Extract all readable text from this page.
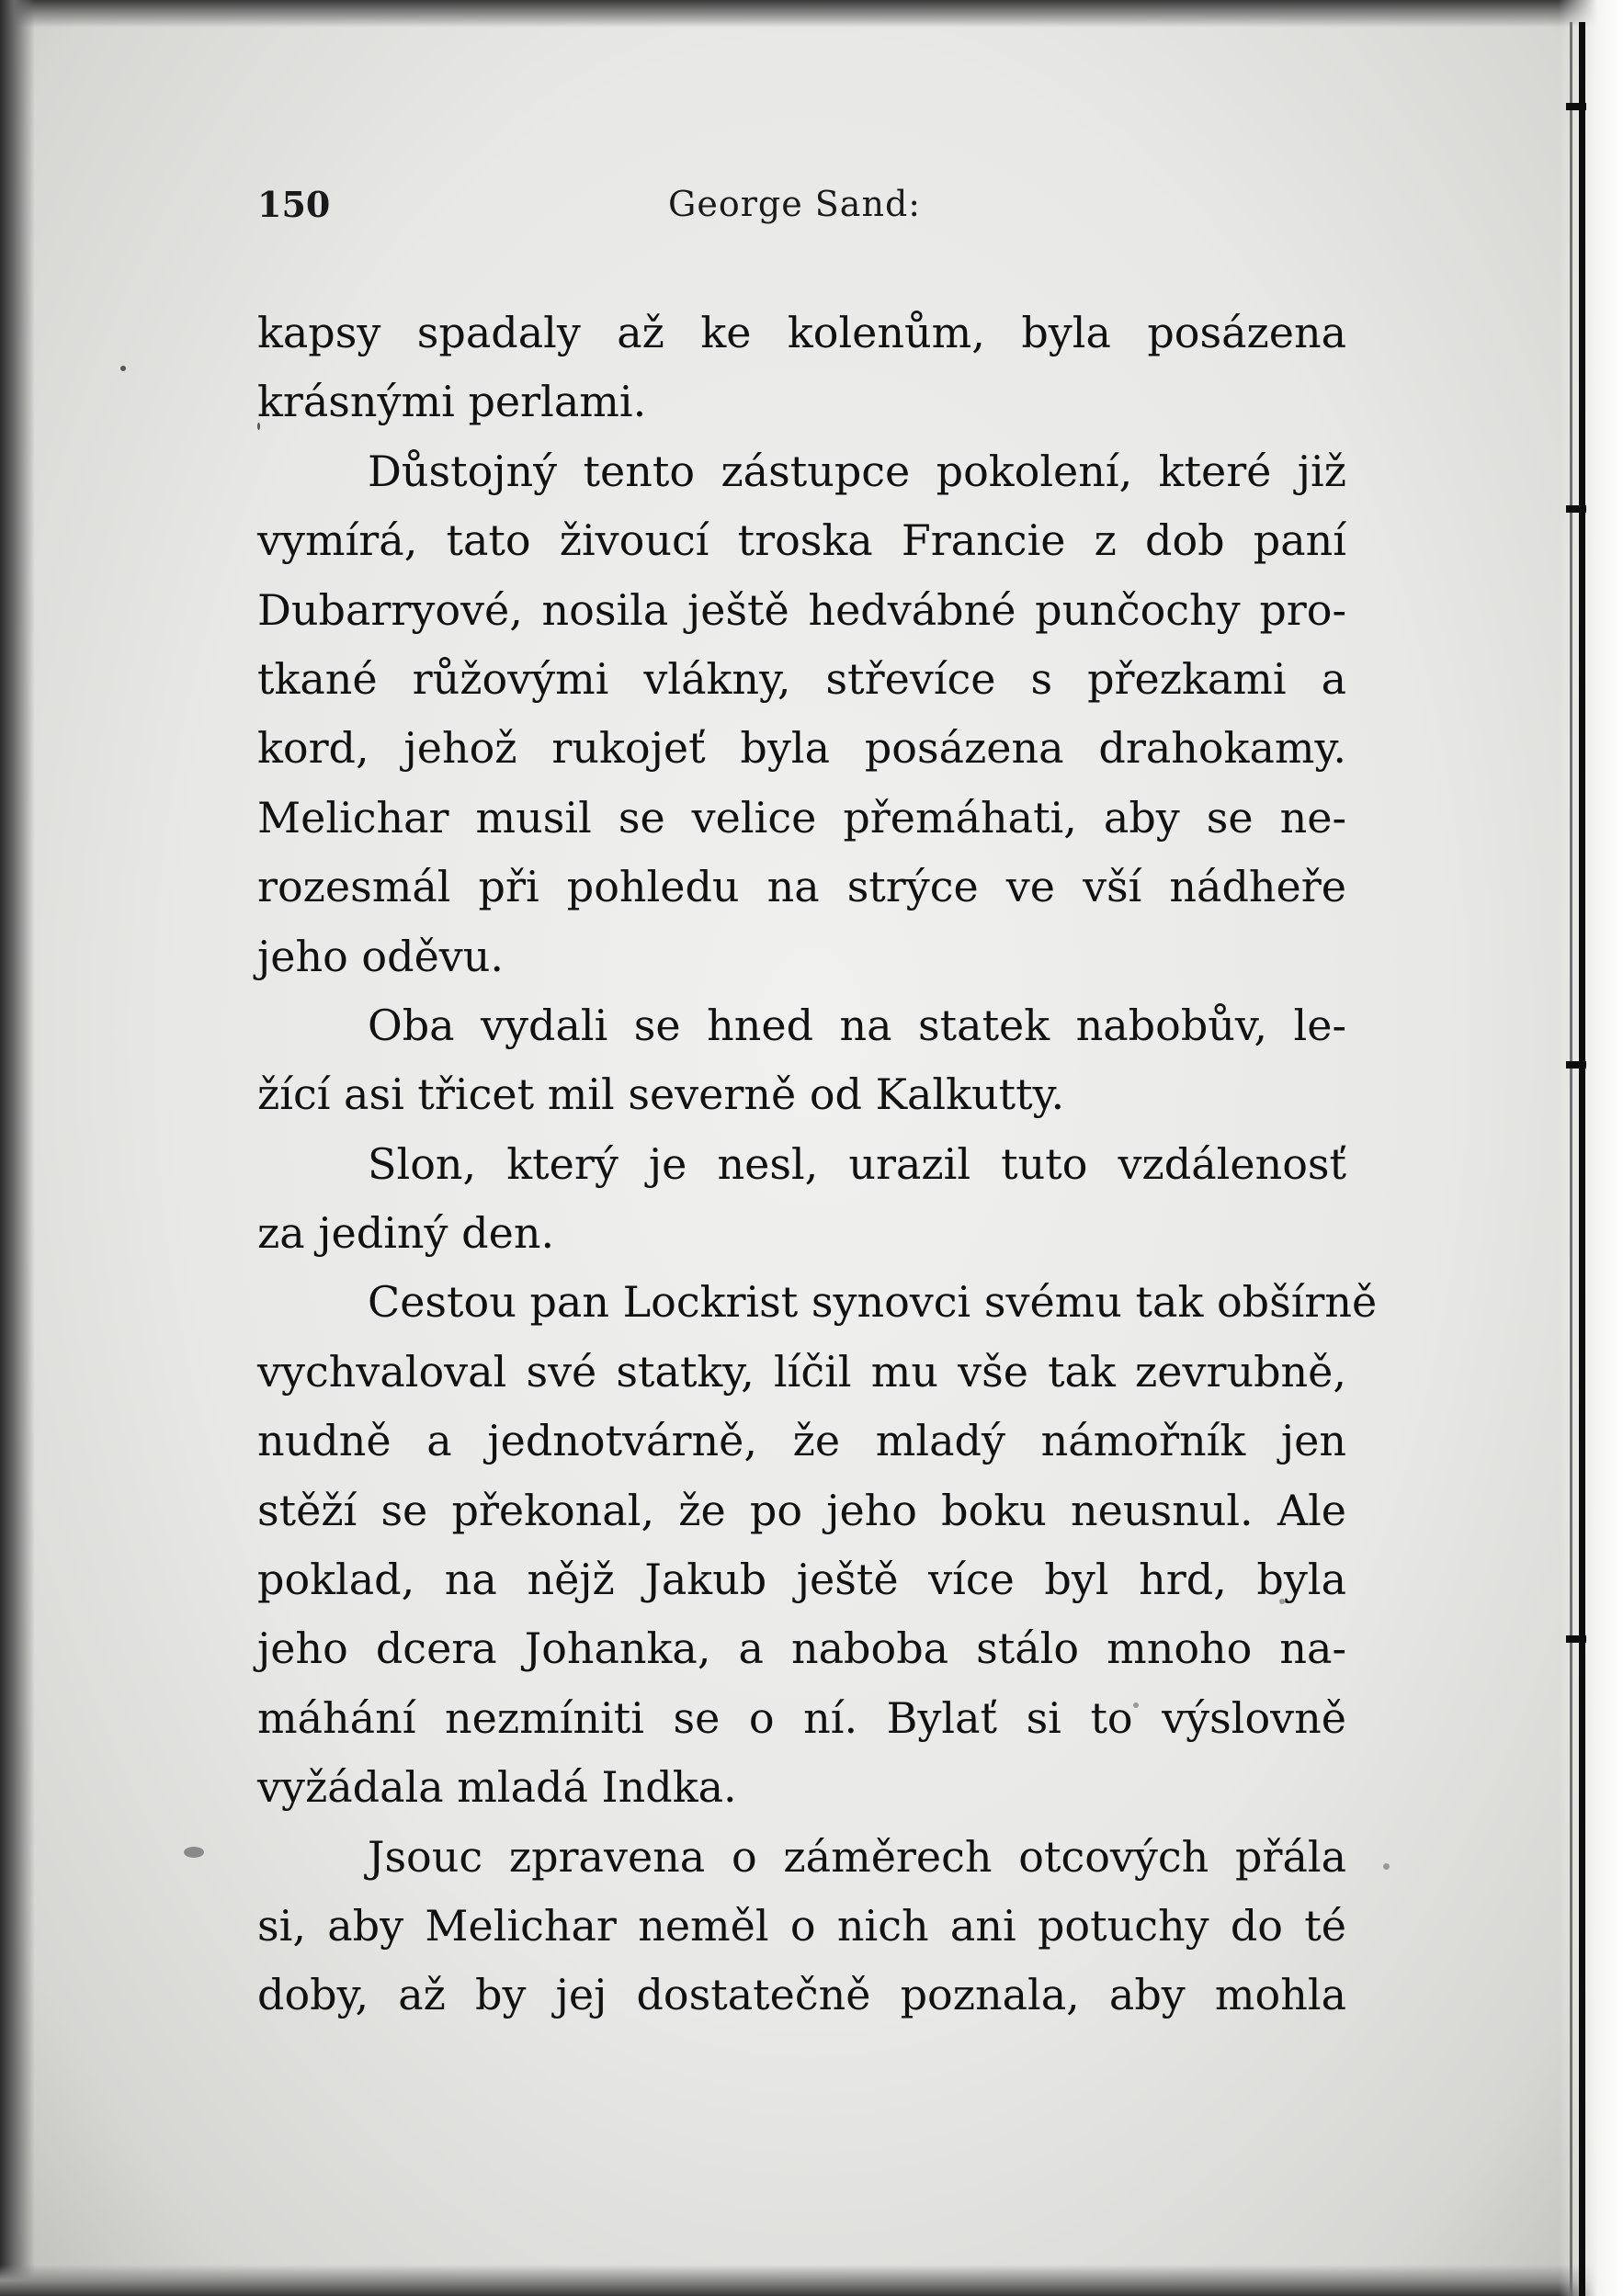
150	George Sand:

kapsy spadaly až ke kolenům, byla posázena
krásnými perlami.

Důstojný tento zástupce pokolení, které již
vymírá, tato živoucí troska Francie z dob paní
Dubarryové, nosila ještě hedvábné punčochy pro-
tkané růžovými vlákny, střevíce s přezkami a
kord, jehož rukojeť byla posázena drahokamy.
Melichar musil se velice přemáhati, aby se ne-
rozesmál při pohledu na strýce ve vší nádheře
jeho oděvu.

Oba vydali se hned na statek nabobův, le-
žící asi třicet mil severně od Kalkutty.

Slon, který je nesl, urazil tuto vzdálenosť
za jediný den.

Cestou pan Lockrist synovci svému tak obšírně
vychvaloval své statky, líčil mu vše tak zevrubně,
nudně a jednotvárně, že mladý námořník jen
stěží se překonal, že po jeho boku neusnul. Ale
poklad, na nějž Jakub ještě více byl hrd, byla
jeho dcera Johanka, a naboba stálo mnoho na-
máhání nezmíniti se o ní. Bylať si to výslovně
vyžádala mladá Indka.

Jsouc zpravena o záměrech otcových přála
si, aby Melichar neměl o nich ani potuchy do té
doby, až by jej dostatečně poznala, aby mohla
